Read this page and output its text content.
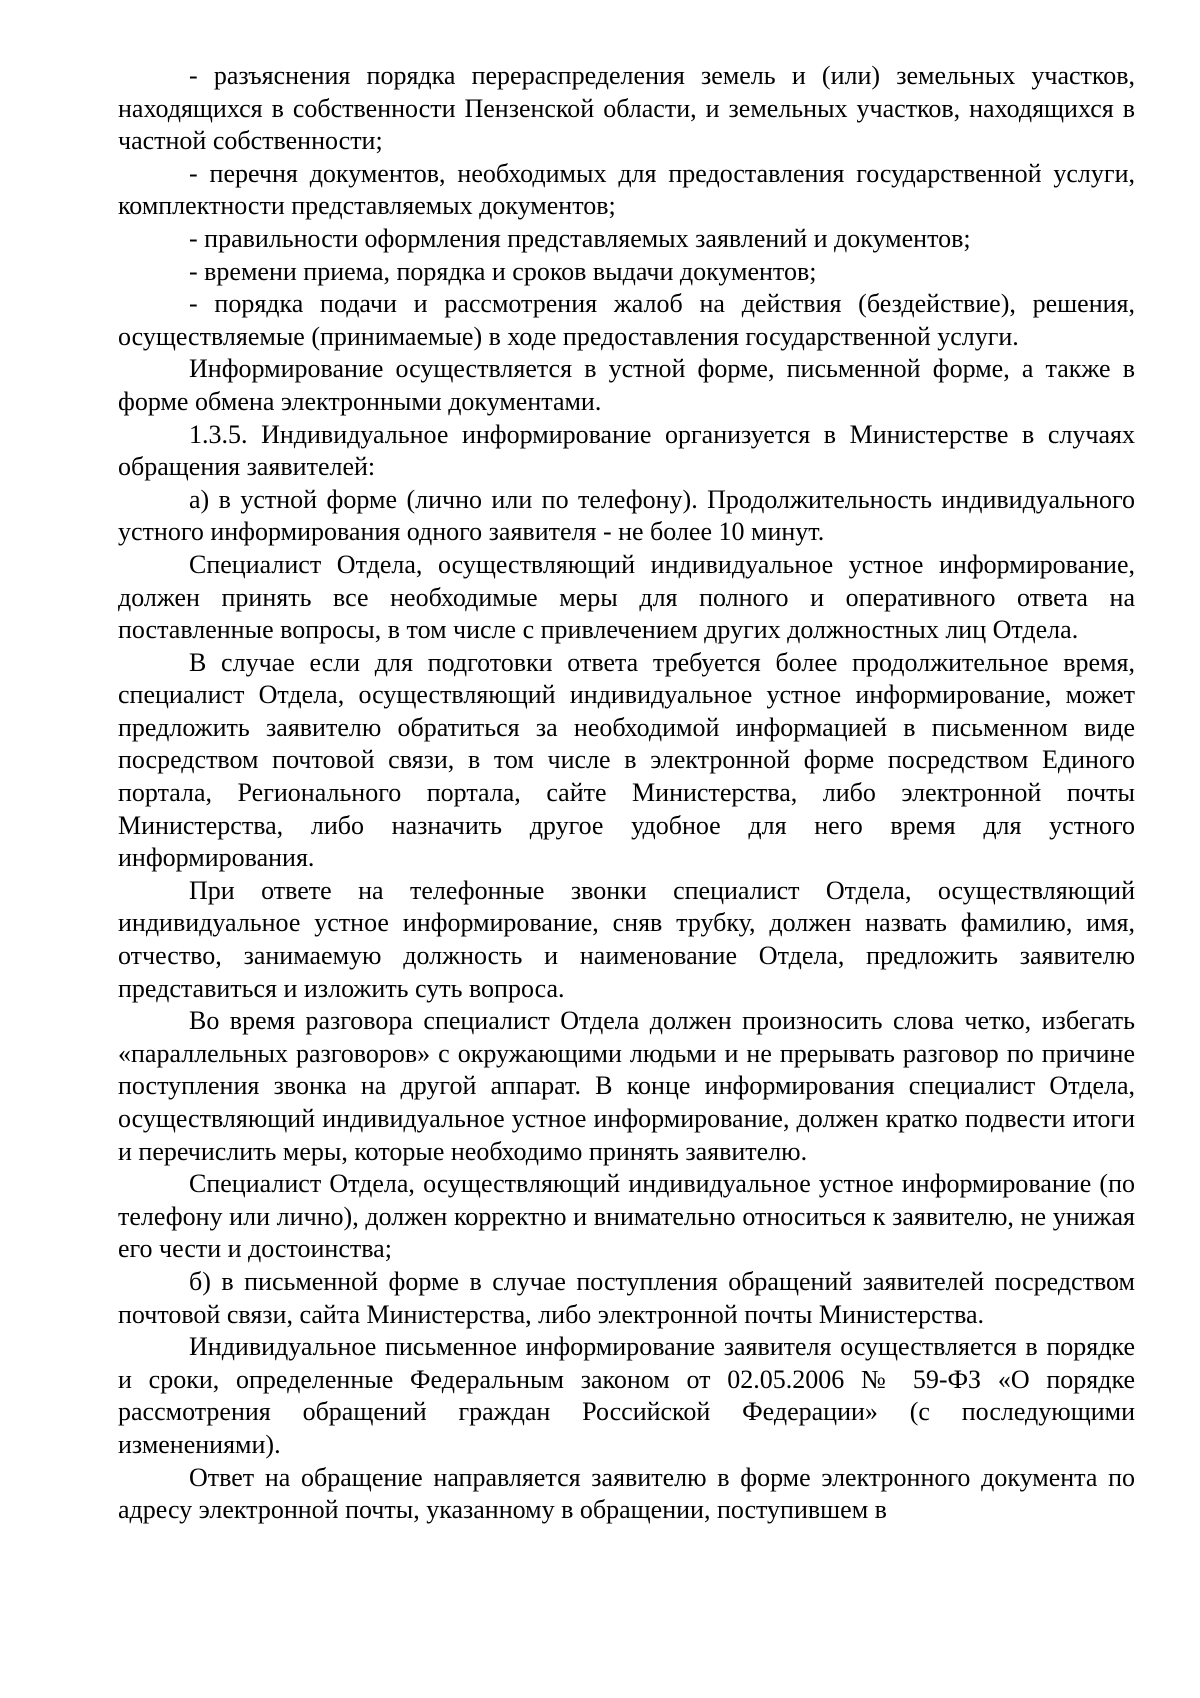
- разъяснения порядка перераспределения земель и (или) земельных участков, находящихся в собственности Пензенской области, и земельных участков, находящихся в частной собственности;

- перечня документов, необходимых для предоставления государственной услуги, комплектности представляемых документов;

- правильности оформления представляемых заявлений и документов;

- времени приема, порядка и сроков выдачи документов;

- порядка подачи и рассмотрения жалоб на действия (бездействие), решения, осуществляемые (принимаемые) в ходе предоставления государственной услуги.

Информирование осуществляется в устной форме, письменной форме, а также в форме обмена электронными документами.

1.3.5. Индивидуальное информирование организуется в Министерстве в случаях обращения заявителей:

а) в устной форме (лично или по телефону). Продолжительность индивидуального устного информирования одного заявителя - не более 10 минут.

Специалист Отдела, осуществляющий индивидуальное устное информирование, должен принять все необходимые меры для полного и оперативного ответа на поставленные вопросы, в том числе с привлечением других должностных лиц Отдела.

В случае если для подготовки ответа требуется более продолжительное время, специалист Отдела, осуществляющий индивидуальное устное информирование, может предложить заявителю обратиться за необходимой информацией в письменном виде посредством почтовой связи, в том числе в электронной форме посредством Единого портала, Регионального портала, сайте Министерства, либо электронной почты Министерства, либо назначить другое удобное для него время для устного информирования.

При ответе на телефонные звонки специалист Отдела, осуществляющий индивидуальное устное информирование, сняв трубку, должен назвать фамилию, имя, отчество, занимаемую должность и наименование Отдела, предложить заявителю представиться и изложить суть вопроса.

Во время разговора специалист Отдела должен произносить слова четко, избегать «параллельных разговоров» с окружающими людьми и не прерывать разговор по причине поступления звонка на другой аппарат. В конце информирования специалист Отдела, осуществляющий индивидуальное устное информирование, должен кратко подвести итоги и перечислить меры, которые необходимо принять заявителю.

Специалист Отдела, осуществляющий индивидуальное устное информирование (по телефону или лично), должен корректно и внимательно относиться к заявителю, не унижая его чести и достоинства;

б) в письменной форме в случае поступления обращений заявителей посредством почтовой связи, сайта Министерства, либо электронной почты Министерства.

Индивидуальное письменное информирование заявителя осуществляется в порядке и сроки, определенные Федеральным законом от 02.05.2006 № 59-ФЗ «О порядке рассмотрения обращений граждан Российской Федерации» (с последующими изменениями).

Ответ на обращение направляется заявителю в форме электронного документа по адресу электронной почты, указанному в обращении, поступившем в
